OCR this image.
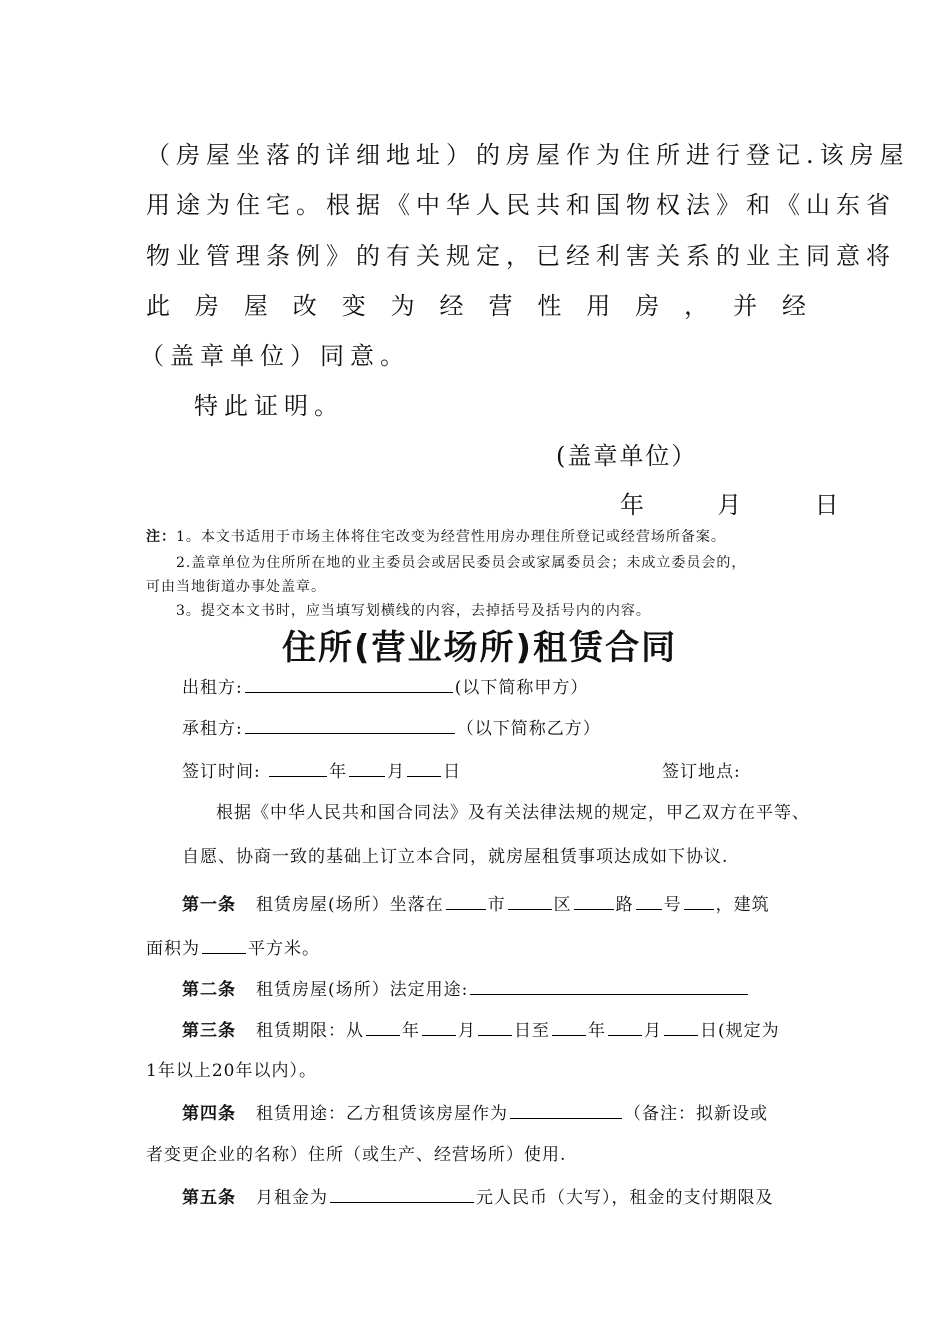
（房屋坐落的详细地址）的房屋作为住所进行登记.该房屋
用途为住宅。根据《中华人民共和国物权法》和《山东省
物业管理条例》的有关规定，已经利害关系的业主同意将
此 房 屋 改 变 为 经 营 性 用 房 ， 并 经
（盖章单位）同意。
特此证明。
(盖章单位）
年	月	日
注：1。本文书适用于市场主体将住宅改变为经营性用房办理住所登记或经营场所备案。
2.盖章单位为住所所在地的业主委员会或居民委员会或家属委员会；未成立委员会的，
可由当地街道办事处盖章。
3。提交本文书时，应当填写划横线的内容，去掉括号及括号内的内容。
住所(营业场所)租赁合同
出租方:	(以下简称甲方）
承租方:	（以下简称乙方）
签订时间:	年 月 日	签订地点:
根据《中华人民共和国合同法》及有关法律法规的规定，甲乙双方在平等、
自愿、协商一致的基础上订立本合同，就房屋租赁事项达成如下协议.
第一条 租赁房屋(场所）坐落在	市	区	路 号 ，建筑
面积为	平方米。
第二条 租赁房屋(场所）法定用途:
第三条 租赁期限：从 年 月 日至 年 月 日(规定为
1年以上20年以内）。
第四条 租赁用途：乙方租赁该房屋作为	（备注：拟新设或
者变更企业的名称）住所（或生产、经营场所）使用.
第五条 月租金为	元人民币（大写），租金的支付期限及
